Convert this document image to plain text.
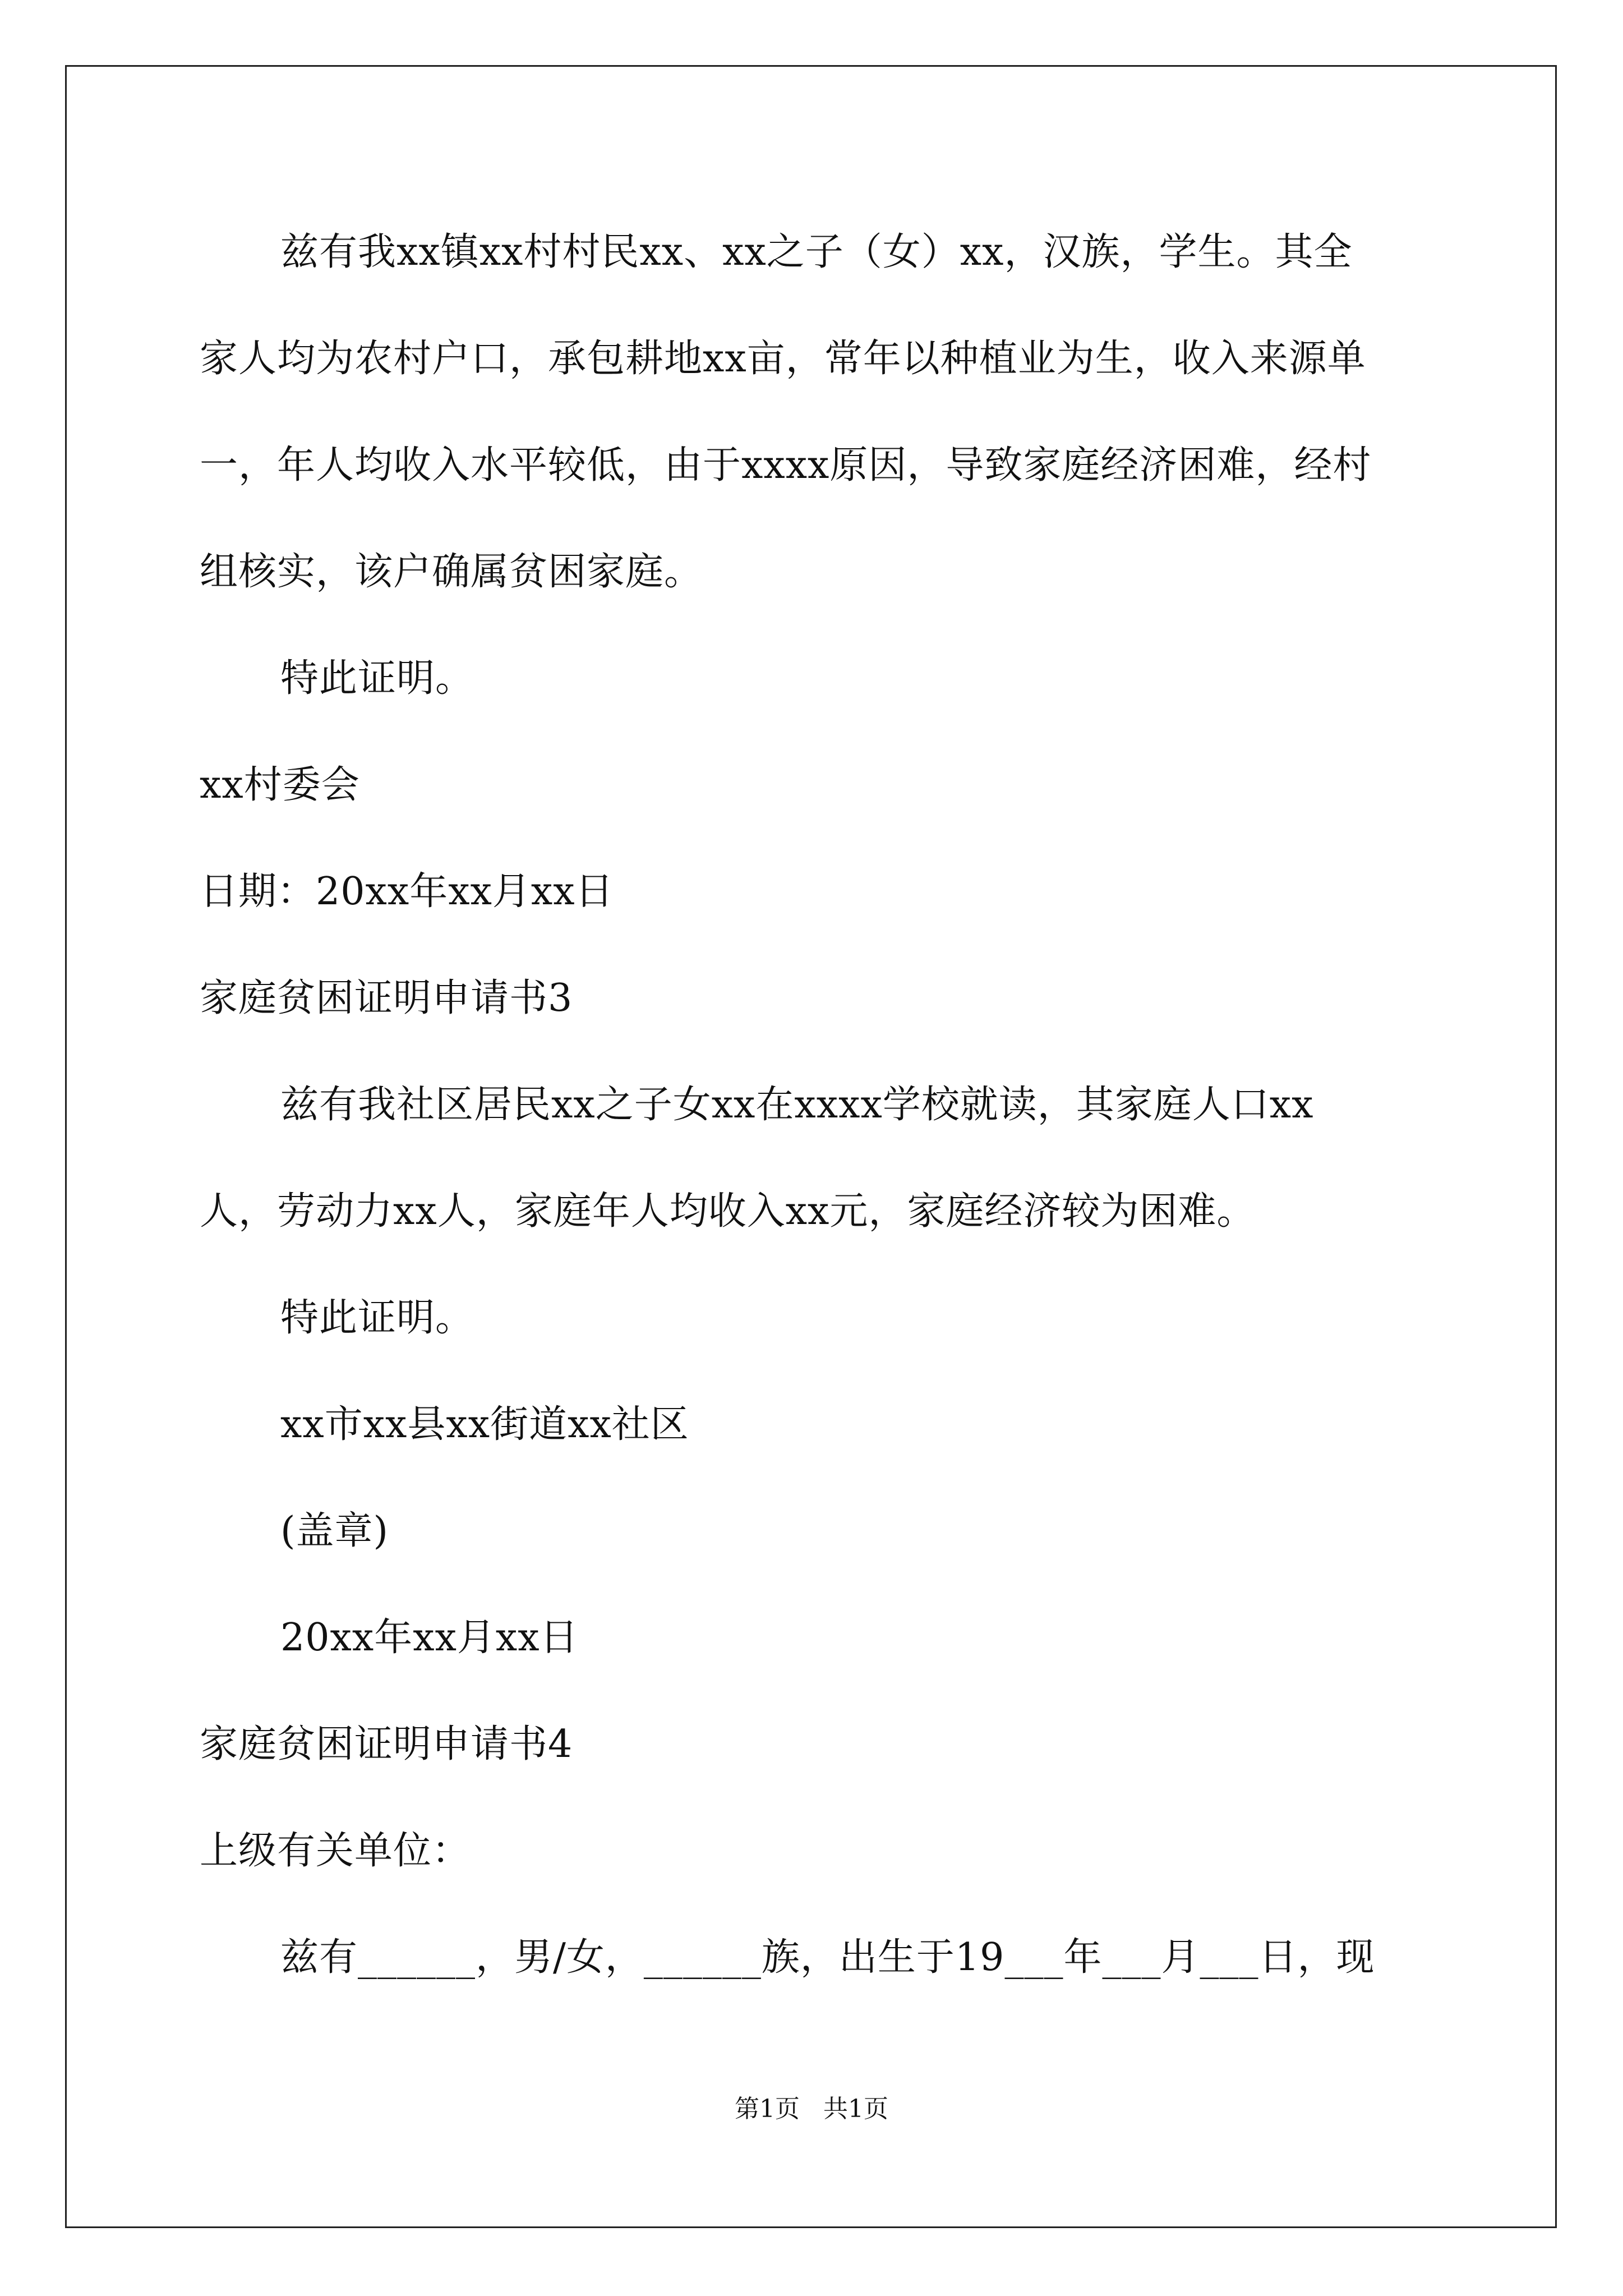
兹有我xx镇xx村村民xx、xx之子（女）xx，汉族，学生。其全
家人均为农村户口，承包耕地xx亩，常年以种植业为生，收入来源单
一，年人均收入水平较低，由于xxxx原因，导致家庭经济困难，经村
组核实，该户确属贫困家庭。
特此证明。
xx村委会
日期：20xx年xx月xx日
家庭贫困证明申请书3
兹有我社区居民xx之子女xx在xxxx学校就读，其家庭人口xx
人，劳动力xx人，家庭年人均收入xx元，家庭经济较为困难。
特此证明。
xx市xx县xx街道xx社区
(盖章)
20xx年xx月xx日
家庭贫困证明申请书4
上级有关单位：
兹有______，男/女，______族，出生于19___年___月___日，现
第1页   共1页
